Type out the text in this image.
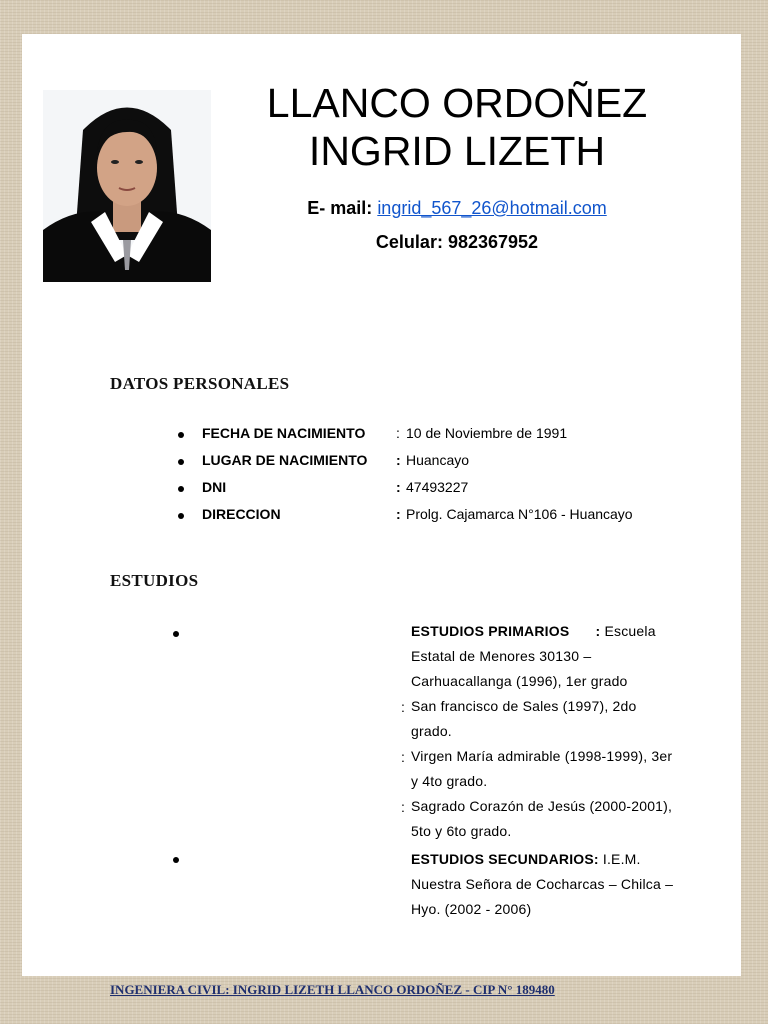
LLANCO ORDOÑEZ
INGRID LIZETH
E- mail: ingrid_567_26@hotmail.com
Celular: 982367952
DATOS PERSONALES
FECHA DE NACIMIENTO : 10 de Noviembre de 1991
LUGAR DE NACIMIENTO : Huancayo
DNI	: 47493227
DIRECCION	: Prolg. Cajamarca N°106 - Huancayo
ESTUDIOS
ESTUDIOS PRIMARIOS : Escuela
Estatal de Menores 30130 –
Carhuacallanga (1996), 1er grado
San francisco de Sales (1997), 2do
grado.
Virgen María admirable (1998-1999), 3er
y 4to grado.
Sagrado Corazón de Jesús (2000-2001),
5to y 6to grado.
:
:
:
ESTUDIOS SECUNDARIOS: I.E.M.
Nuestra Señora de Cocharcas – Chilca –
Hyo. (2002 - 2006)
INGENIERA CIVIL: INGRID LIZETH LLANCO ORDOÑEZ - CIP N° 189480
